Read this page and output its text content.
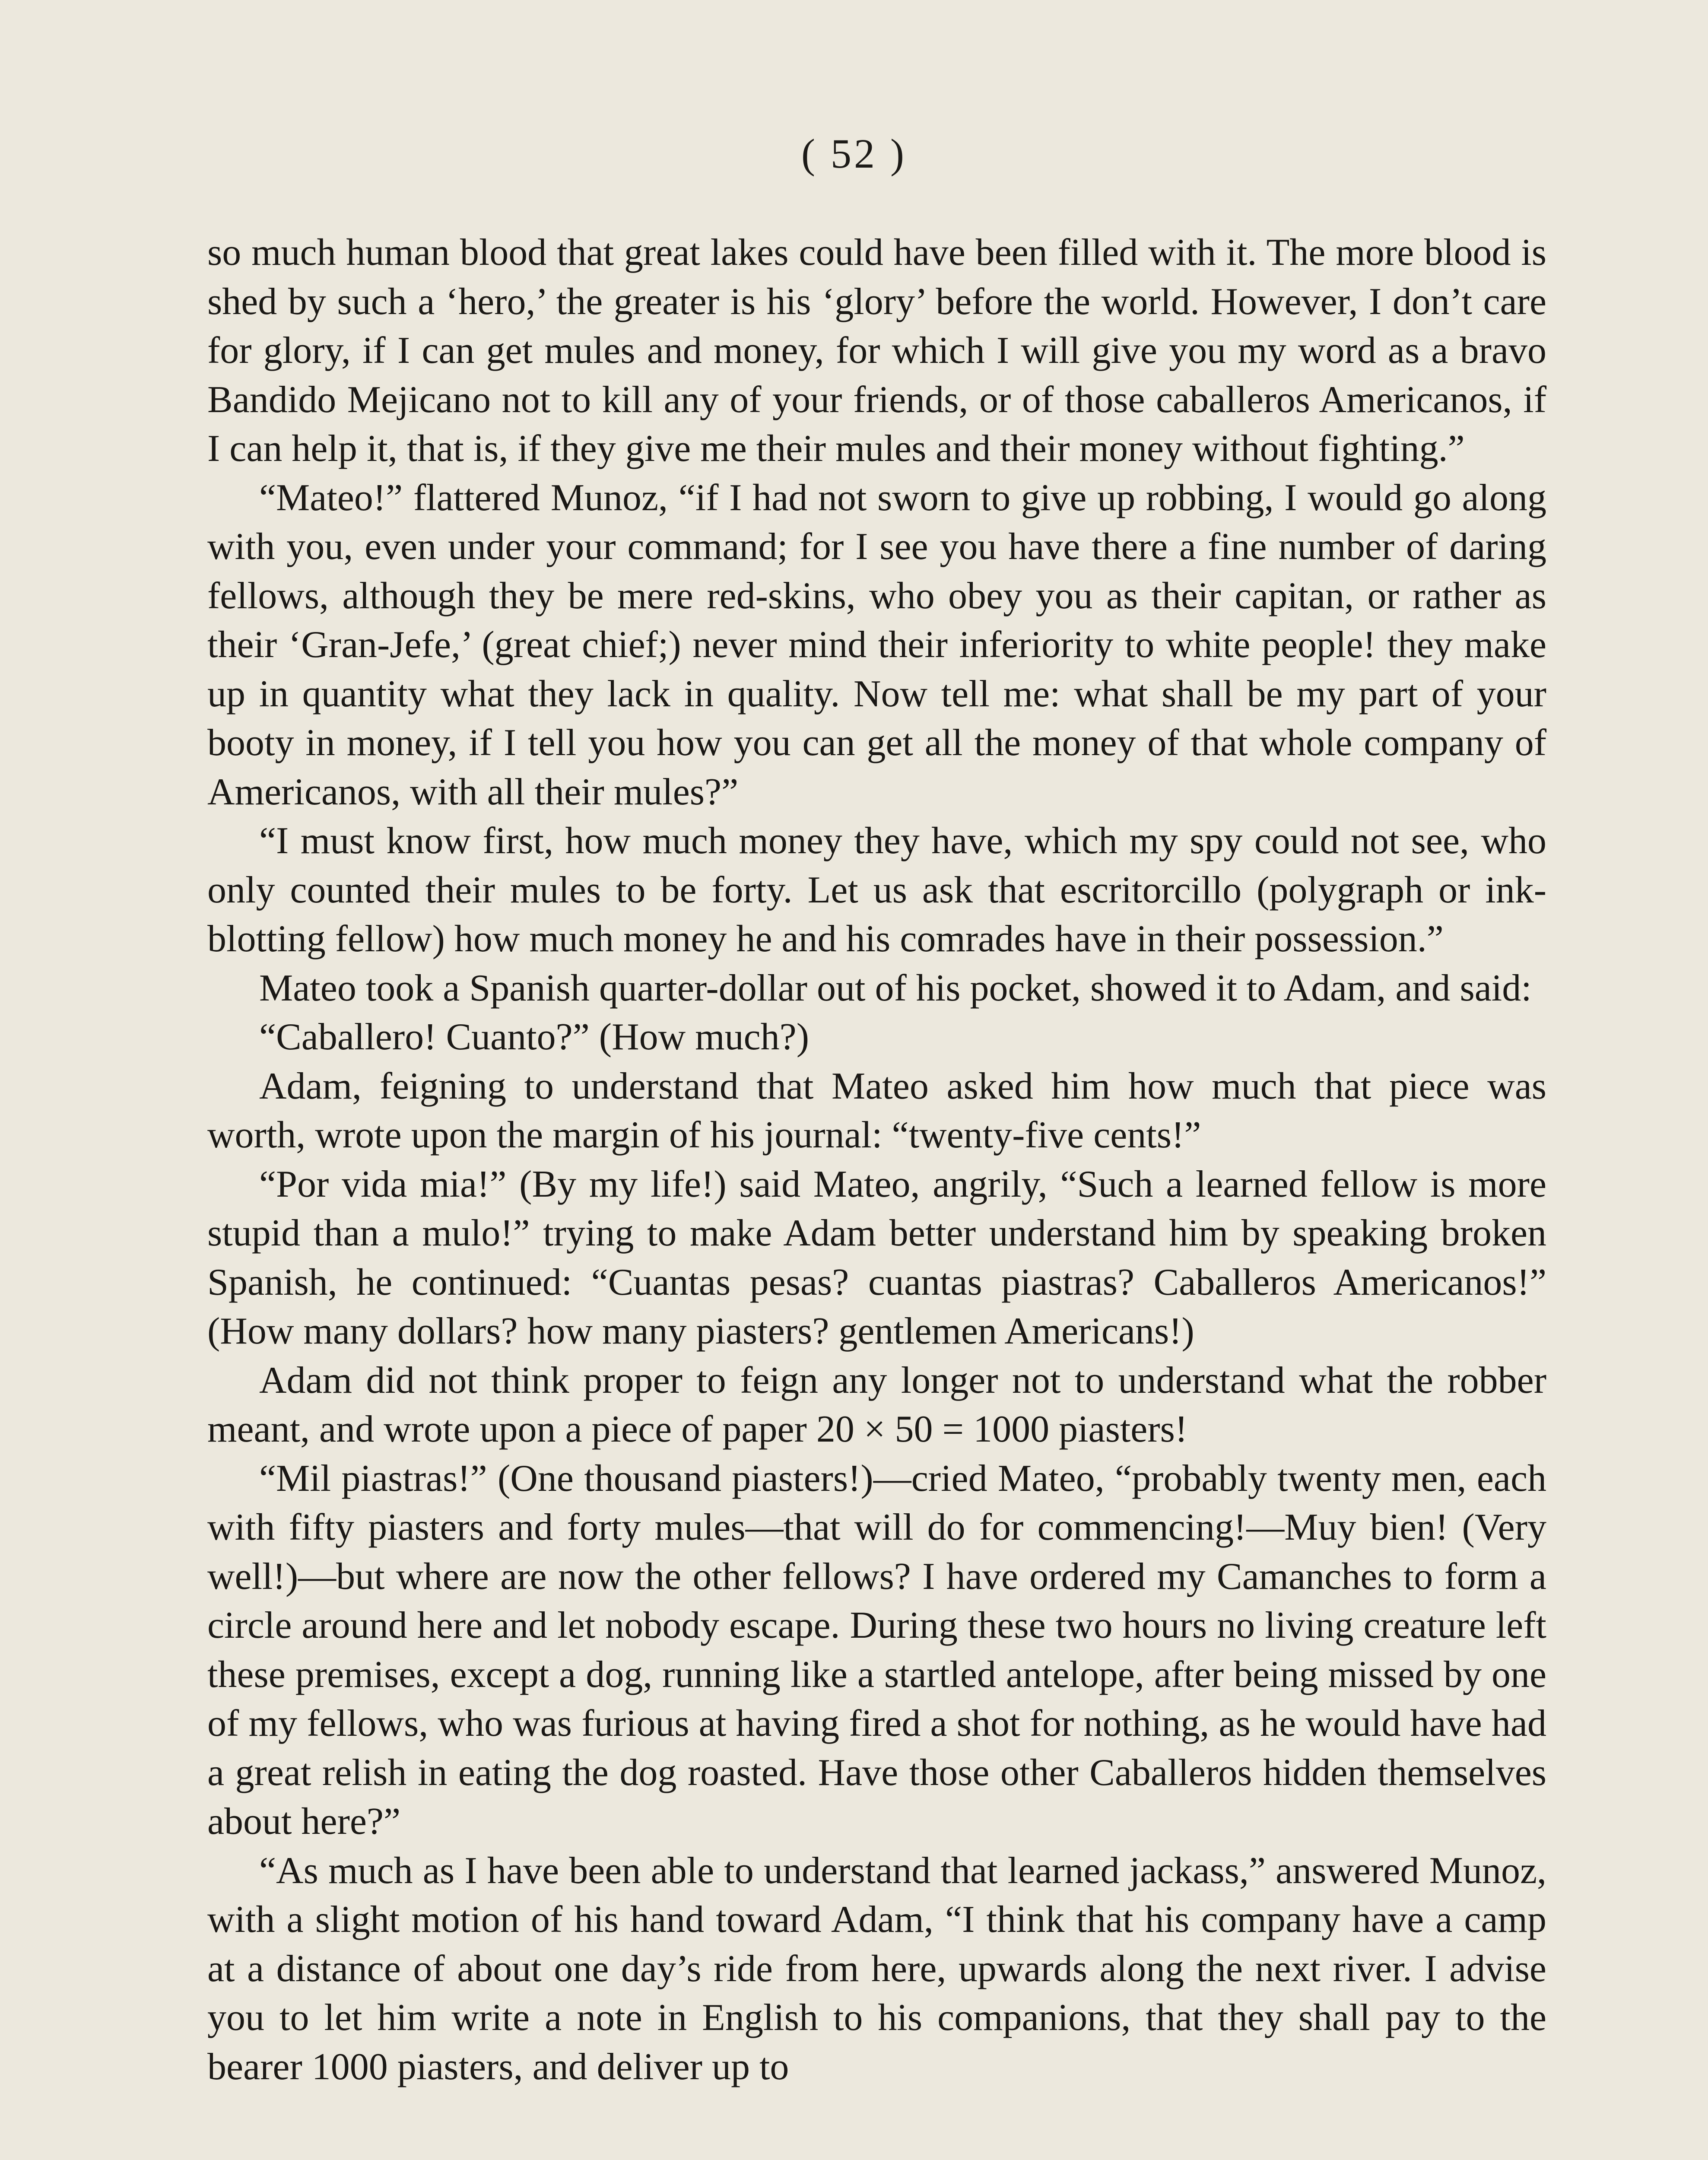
( 52 )

so much human blood that great lakes could have been filled with it. The more blood is shed by such a ‘hero,’ the greater is his ‘glory’ before the world. However, I don’t care for glory, if I can get mules and money, for which I will give you my word as a bravo Bandido Mejicano not to kill any of your friends, or of those caballeros Americanos, if I can help it, that is, if they give me their mules and their money without fighting.”

“Mateo!” flattered Munoz, “if I had not sworn to give up robbing, I would go along with you, even under your command; for I see you have there a fine number of daring fellows, although they be mere red-skins, who obey you as their capitan, or rather as their ‘Gran-Jefe,’ (great chief;) never mind their inferiority to white people! they make up in quantity what they lack in quality. Now tell me: what shall be my part of your booty in money, if I tell you how you can get all the money of that whole company of Americanos, with all their mules?”

“I must know first, how much money they have, which my spy could not see, who only counted their mules to be forty. Let us ask that escritorcillo (polygraph or ink-blotting fellow) how much money he and his comrades have in their possession.”

Mateo took a Spanish quarter-dollar out of his pocket, showed it to Adam, and said:

“Caballero! Cuanto?” (How much?)

Adam, feigning to understand that Mateo asked him how much that piece was worth, wrote upon the margin of his journal: “twenty-five cents!”

“Por vida mia!” (By my life!) said Mateo, angrily, “Such a learned fellow is more stupid than a mulo!” trying to make Adam better understand him by speaking broken Spanish, he continued: “Cuantas pesas? cuantas piastras? Caballeros Americanos!” (How many dollars? how many piasters? gentlemen Americans!)

Adam did not think proper to feign any longer not to understand what the robber meant, and wrote upon a piece of paper 20 × 50 = 1000 piasters!

“Mil piastras!” (One thousand piasters!)—cried Mateo, “probably twenty men, each with fifty piasters and forty mules—that will do for commencing!—Muy bien! (Very well!)—but where are now the other fellows? I have ordered my Camanches to form a circle around here and let nobody escape. During these two hours no living creature left these premises, except a dog, running like a startled antelope, after being missed by one of my fellows, who was furious at having fired a shot for nothing, as he would have had a great relish in eating the dog roasted. Have those other Caballeros hidden themselves about here?”

“As much as I have been able to understand that learned jackass,” answered Munoz, with a slight motion of his hand toward Adam, “I think that his company have a camp at a distance of about one day’s ride from here, upwards along the next river. I advise you to let him write a note in English to his companions, that they shall pay to the bearer 1000 piasters, and deliver up to
